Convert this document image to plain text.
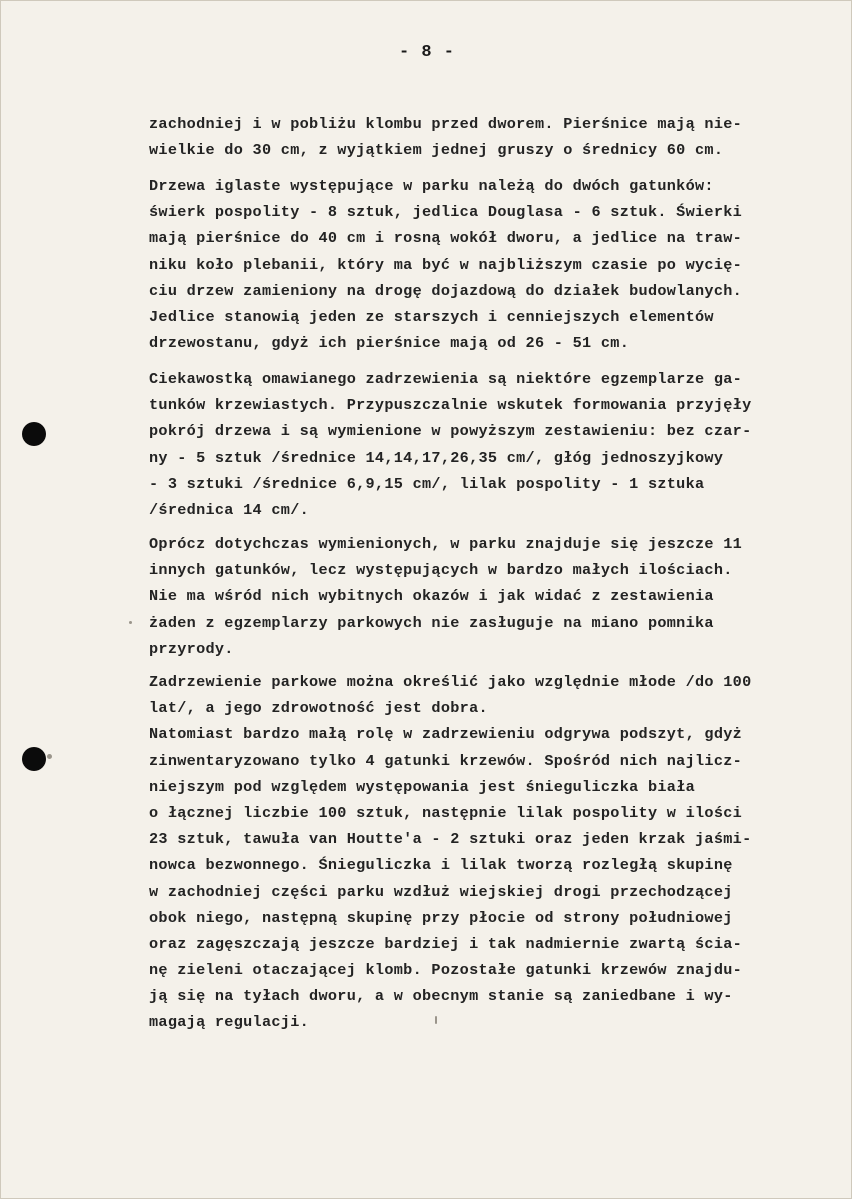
- 8 -
zachodniej i w pobliżu klombu przed dworem. Pierśnice mają nie-
wielkie do 30 cm, z wyjątkiem jednej gruszy o średnicy 60 cm.
Drzewa iglaste występujące w parku należą do dwóch gatunków:
świerk pospolity - 8 sztuk, jedlica Douglasa - 6 sztuk. Świerki
mają pierśnice do 40 cm i rosną wokół dworu, a jedlice na traw-
niku koło plebanii, który ma być w najbliższym czasie po wycię-
ciu drzew zamieniony na drogę dojazdową do działek budowlanych.
Jedlice stanowią jeden ze starszych i cenniejszych elementów
drzewostanu, gdyż ich pierśnice mają od 26 - 51 cm.
Ciekawostką omawianego zadrzewienia są niektóre egzemplarze ga-
tunków krzewiastych. Przypuszczalnie wskutek formowania przyjęły
pokrój drzewa i są wymienione w powyższym zestawieniu: bez czar-
ny - 5 sztuk /średnice 14,14,17,26,35 cm/, głóg jednoszyjkowy
- 3 sztuki /średnice 6,9,15 cm/, lilak pospolity - 1 sztuka
/średnica 14 cm/.
Oprócz dotychczas wymienionych, w parku znajduje się jeszcze 11
innych gatunków, lecz występujących w bardzo małych ilościach.
Nie ma wśród nich wybitnych okazów i jak widać z zestawienia
żaden z egzemplarzy parkowych nie zasługuje na miano pomnika
przyrody.
Zadrzewienie parkowe można określić jako względnie młode /do 100
lat/, a jego zdrowotność jest dobra.
Natomiast bardzo małą rolę w zadrzewieniu odgrywa podszyt, gdyż
zinwentaryzowano tylko 4 gatunki krzewów. Spośród nich najlicz-
niejszym pod względem występowania jest śnieguliczka biała
o łącznej liczbie 100 sztuk, następnie lilak pospolity w ilości
23 sztuk, tawuła van Houtte'a - 2 sztuki oraz jeden krzak jaśmi-
nowca bezwonnego. Śnieguliczka i lilak tworzą rozległą skupinę
w zachodniej części parku wzdłuż wiejskiej drogi przechodzącej
obok niego, następną skupinę przy płocie od strony południowej
oraz zagęszczają jeszcze bardziej i tak nadmiernie zwartą ścia-
nę zieleni otaczającej klomb. Pozostałe gatunki krzewów znajdu-
ją się na tyłach dworu, a w obecnym stanie są zaniedbane i wy-
magają regulacji.
